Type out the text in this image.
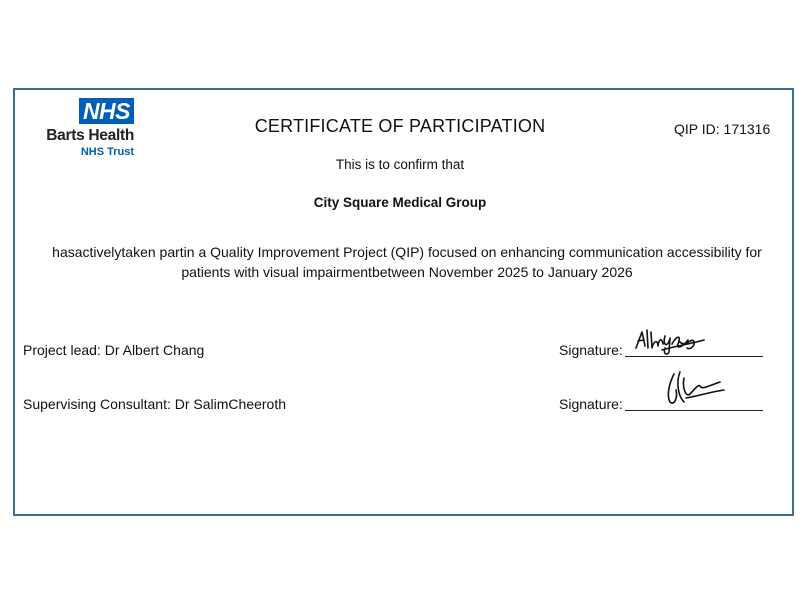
NHS
Barts Health
NHS Trust
CERTIFICATE OF PARTICIPATION	QIP ID: 171316
This is to confirm that
City Square Medical Group
hasactivelytaken partin a Quality Improvement Project (QIP) focused on enhancing communication accessibility for patients with visual impairmentbetween November 2025 to January 2026
Project lead: Dr Albert Chang	Signature:
Supervising Consultant: Dr SalimCheeroth	Signature:
